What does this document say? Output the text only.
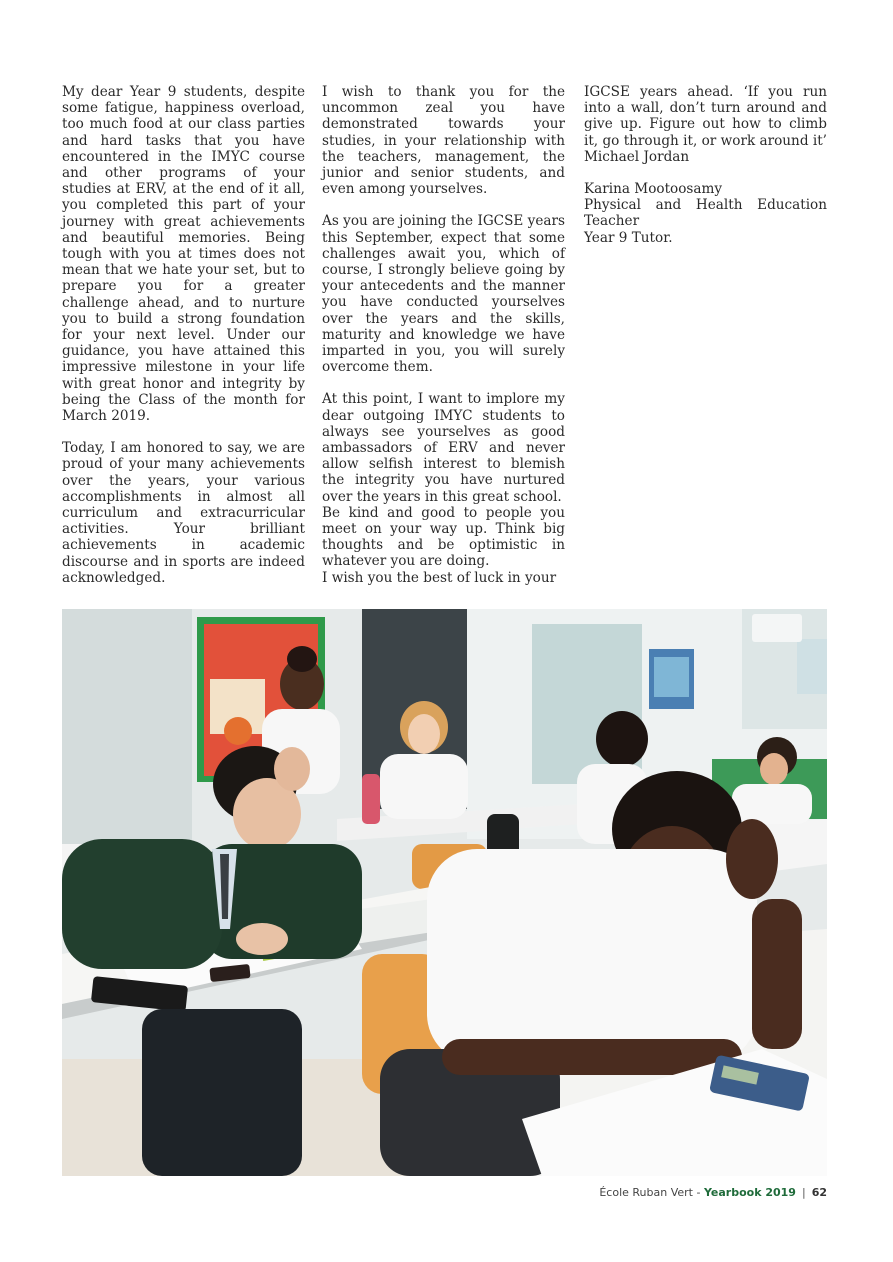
My dear Year 9 students, despite some fatigue, happiness overload, too much food at our class parties and hard tasks that you have encountered in the IMYC course and other programs of your studies at ERV, at the end of it all, you completed this part of your journey with great achievements and beautiful memories. Being tough with you at times does not mean that we hate your set, but to prepare you for a greater challenge ahead, and to nurture you to build a strong foundation for your next level. Under our guidance, you have attained this impressive milestone in your life with great honor and integrity by being the Class of the month for March 2019.

Today, I am honored to say, we are proud of your many achievements over the years, your various accomplishments in almost all curriculum and extracurricular activities. Your brilliant achievements in academic discourse and in sports are indeed acknowledged.

I wish to thank you for the uncommon zeal you have demonstrated towards your studies, in your relationship with the teachers, management, the junior and senior students, and even among yourselves.

As you are joining the IGCSE years this September, expect that some challenges await you, which of course, I strongly believe going by your antecedents and the manner you have conducted yourselves over the years and the skills, maturity and knowledge we have imparted in you, you will surely overcome them.

At this point, I want to implore my dear outgoing IMYC students to always see yourselves as good ambassadors of ERV and never allow selfish interest to blemish the integrity you have nurtured over the years in this great school.

Be kind and good to people you meet on your way up. Think big thoughts and be optimistic in whatever you are doing.

I wish you the best of luck in your

IGCSE years ahead. ‘If you run into a wall, don’t turn around and give up. Figure out how to climb it, go through it, or work around it’ Michael Jordan

Karina Mootoosamy
Physical and Health Education
Teacher
Year 9 Tutor.
École Ruban Vert - Yearbook 2019 | 62
